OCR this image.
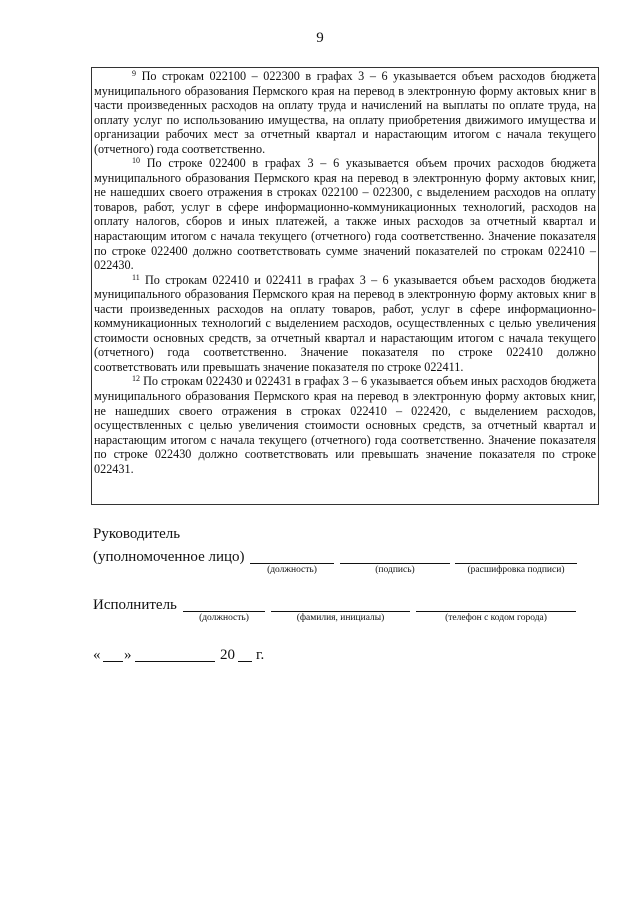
9

$^9$ По строкам 022100 – 022300 в графах 3 – 6 указывается объем расходов бюджета муниципального образования Пермского края на перевод в электронную форму актовых книг в части произведенных расходов на оплату труда и начислений на выплаты по оплате труда, на оплату услуг по использованию имущества, на оплату приобретения движимого имущества и организации рабочих мест за отчетный квартал и нарастающим итогом с начала текущего (отчетного) года соответственно.

$^{10}$ По строке 022400 в графах 3 – 6 указывается объем прочих расходов бюджета муниципального образования Пермского края на перевод в электронную форму актовых книг, не нашедших своего отражения в строках 022100 – 022300, с выделением расходов на оплату товаров, работ, услуг в сфере информационно-коммуникационных технологий, расходов на оплату налогов, сборов и иных платежей, а также иных расходов за отчетный квартал и нарастающим итогом с начала текущего (отчетного) года соответственно. Значение показателя по строке 022400 должно соответствовать сумме значений показателей по строкам 022410 – 022430.

$^{11}$ По строкам 022410 и 022411 в графах 3 – 6 указывается объем расходов бюджета муниципального образования Пермского края на перевод в электронную форму актовых книг в части произведенных расходов на оплату товаров, работ, услуг в сфере информационно-коммуникационных технологий с выделением расходов, осуществленных с целью увеличения стоимости основных средств, за отчетный квартал и нарастающим итогом с начала текущего (отчетного) года соответственно. Значение показателя по строке 022410 должно соответствовать или превышать значение показателя по строке 022411.

$^{12}$ По строкам 022430 и 022431 в графах 3 – 6 указывается объем иных расходов бюджета муниципального образования Пермского края на перевод в электронную форму актовых книг, не нашедших своего отражения в строках 022410 – 022420, с выделением расходов, осуществленных с целью увеличения стоимости основных средств, за отчетный квартал и нарастающим итогом с начала текущего (отчетного) года соответственно. Значение показателя по строке 022430 должно соответствовать или превышать значение показателя по строке 022431.

Руководитель
(уполномоченное лицо)
(должность)	(подпись)	(расшифровка подписи)
Исполнитель
(должность)	(фамилия, инициалы)	(телефон с кодом города)
« »	20 г.
